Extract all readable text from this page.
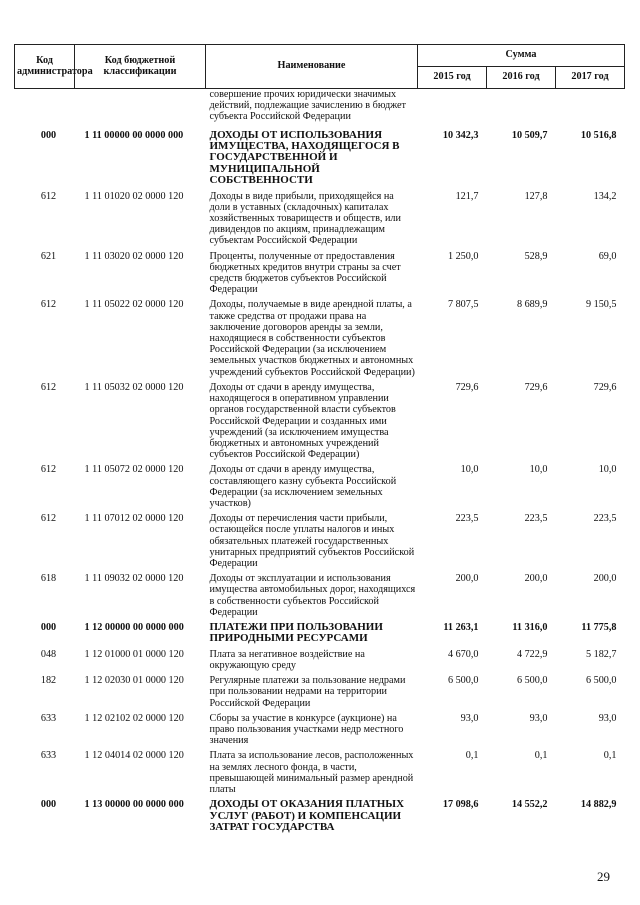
Код администратора	Код бюджетной классификации	Наименование	Сумма		
			2015 год	2016 год	2017 год
		совершение прочих юридически значимых действий, подлежащие зачислению в бюджет субъекта Российской Федерации			
000	1 11 00000 00 0000 000	ДОХОДЫ ОТ ИСПОЛЬЗОВАНИЯ ИМУЩЕСТВА, НАХОДЯЩЕГОСЯ В ГОСУДАРСТВЕННОЙ И МУНИЦИПАЛЬНОЙ СОБСТВЕННОСТИ	10 342,3	10 509,7	10 516,8
612	1 11 01020 02 0000 120	Доходы в виде прибыли, приходящейся на доли в уставных (складочных) капиталах хозяйственных товариществ и обществ, или дивидендов по акциям, принадлежащим субъектам Российской Федерации	121,7	127,8	134,2
621	1 11 03020 02 0000 120	Проценты, полученные от предоставления бюджетных кредитов внутри страны за счет средств бюджетов субъектов Российской Федерации	1 250,0	528,9	69,0
612	1 11 05022 02 0000 120	Доходы, получаемые в виде арендной платы, а также средства от продажи права на заключение договоров аренды за земли, находящиеся в собственности субъектов Российской Федерации (за исключением земельных участков бюджетных и автономных учреждений субъектов Российской Федерации)	7 807,5	8 689,9	9 150,5
612	1 11 05032 02 0000 120	Доходы от сдачи в аренду имущества, находящегося в оперативном управлении органов государственной власти субъектов Российской Федерации и созданных ими учреждений (за исключением имущества бюджетных и автономных учреждений субъектов Российской Федерации)	729,6	729,6	729,6
612	1 11 05072 02 0000 120	Доходы от сдачи в аренду имущества, составляющего казну субъекта Российской Федерации (за исключением земельных участков)	10,0	10,0	10,0
612	1 11 07012 02 0000 120	Доходы от перечисления части прибыли, остающейся после уплаты налогов и иных обязательных платежей государственных унитарных предприятий субъектов Российской Федерации	223,5	223,5	223,5
618	1 11 09032 02 0000 120	Доходы от эксплуатации и использования имущества автомобильных дорог, находящихся в собственности субъектов Российской Федерации	200,0	200,0	200,0
000	1 12 00000 00 0000 000	ПЛАТЕЖИ ПРИ ПОЛЬЗОВАНИИ ПРИРОДНЫМИ РЕСУРСАМИ	11 263,1	11 316,0	11 775,8
048	1 12 01000 01 0000 120	Плата за негативное воздействие на окружающую среду	4 670,0	4 722,9	5 182,7
182	1 12 02030 01 0000 120	Регулярные платежи за пользование недрами при пользовании недрами на территории Российской Федерации	6 500,0	6 500,0	6 500,0
633	1 12 02102 02 0000 120	Сборы за участие в конкурсе (аукционе) на право пользования участками недр местного значения	93,0	93,0	93,0
633	1 12 04014 02 0000 120	Плата за использование лесов, расположенных на землях лесного фонда, в части, превышающей минимальный размер арендной платы	0,1	0,1	0,1
000	1 13 00000 00 0000 000	ДОХОДЫ ОТ ОКАЗАНИЯ ПЛАТНЫХ УСЛУГ (РАБОТ) И КОМПЕНСАЦИИ ЗАТРАТ ГОСУДАРСТВА	17 098,6	14 552,2	14 882,9
29
